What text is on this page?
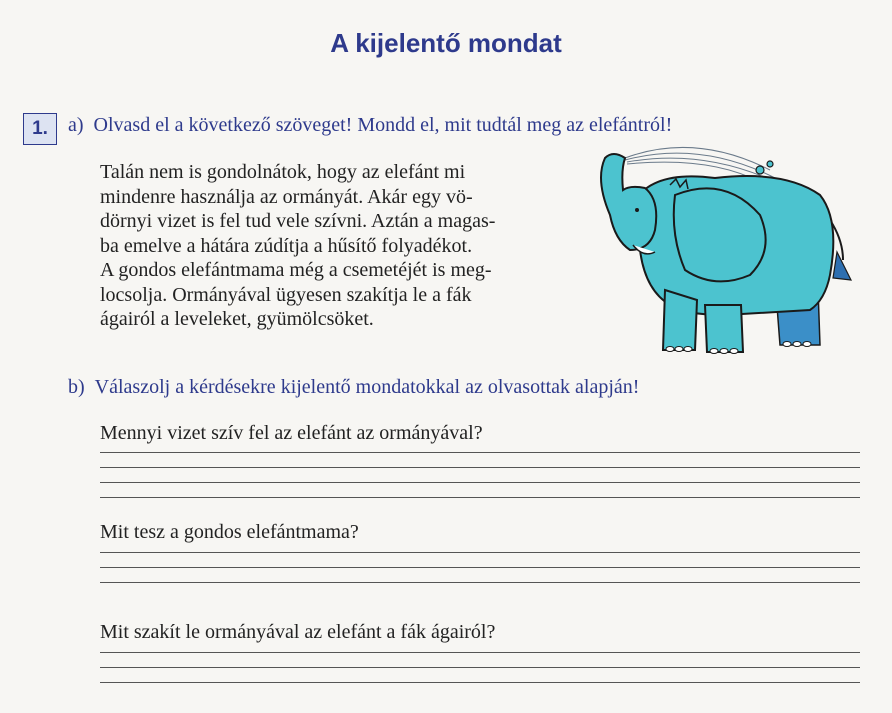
A kijelentő mondat
1.	a) Olvasd el a következő szöveget! Mondd el, mit tudtál meg az elefántról!
Talán nem is gondolnátok, hogy az elefánt mi
mindenre használja az ormányát. Akár egy vö-
dörnyi vizet is fel tud vele szívni. Aztán a magas-
ba emelve a hátára zúdítja a hűsítő folyadékot.
A gondos elefántmama még a csemetéjét is meg-
locsolja. Ormányával ügyesen szakítja le a fák
ágairól a leveleket, gyümölcsöket.
b) Válaszolj a kérdésekre kijelentő mondatokkal az olvasottak alapján!
Mennyi vizet szív fel az elefánt az ormányával?
Mit tesz a gondos elefántmama?
Mit szakít le ormányával az elefánt a fák ágairól?
